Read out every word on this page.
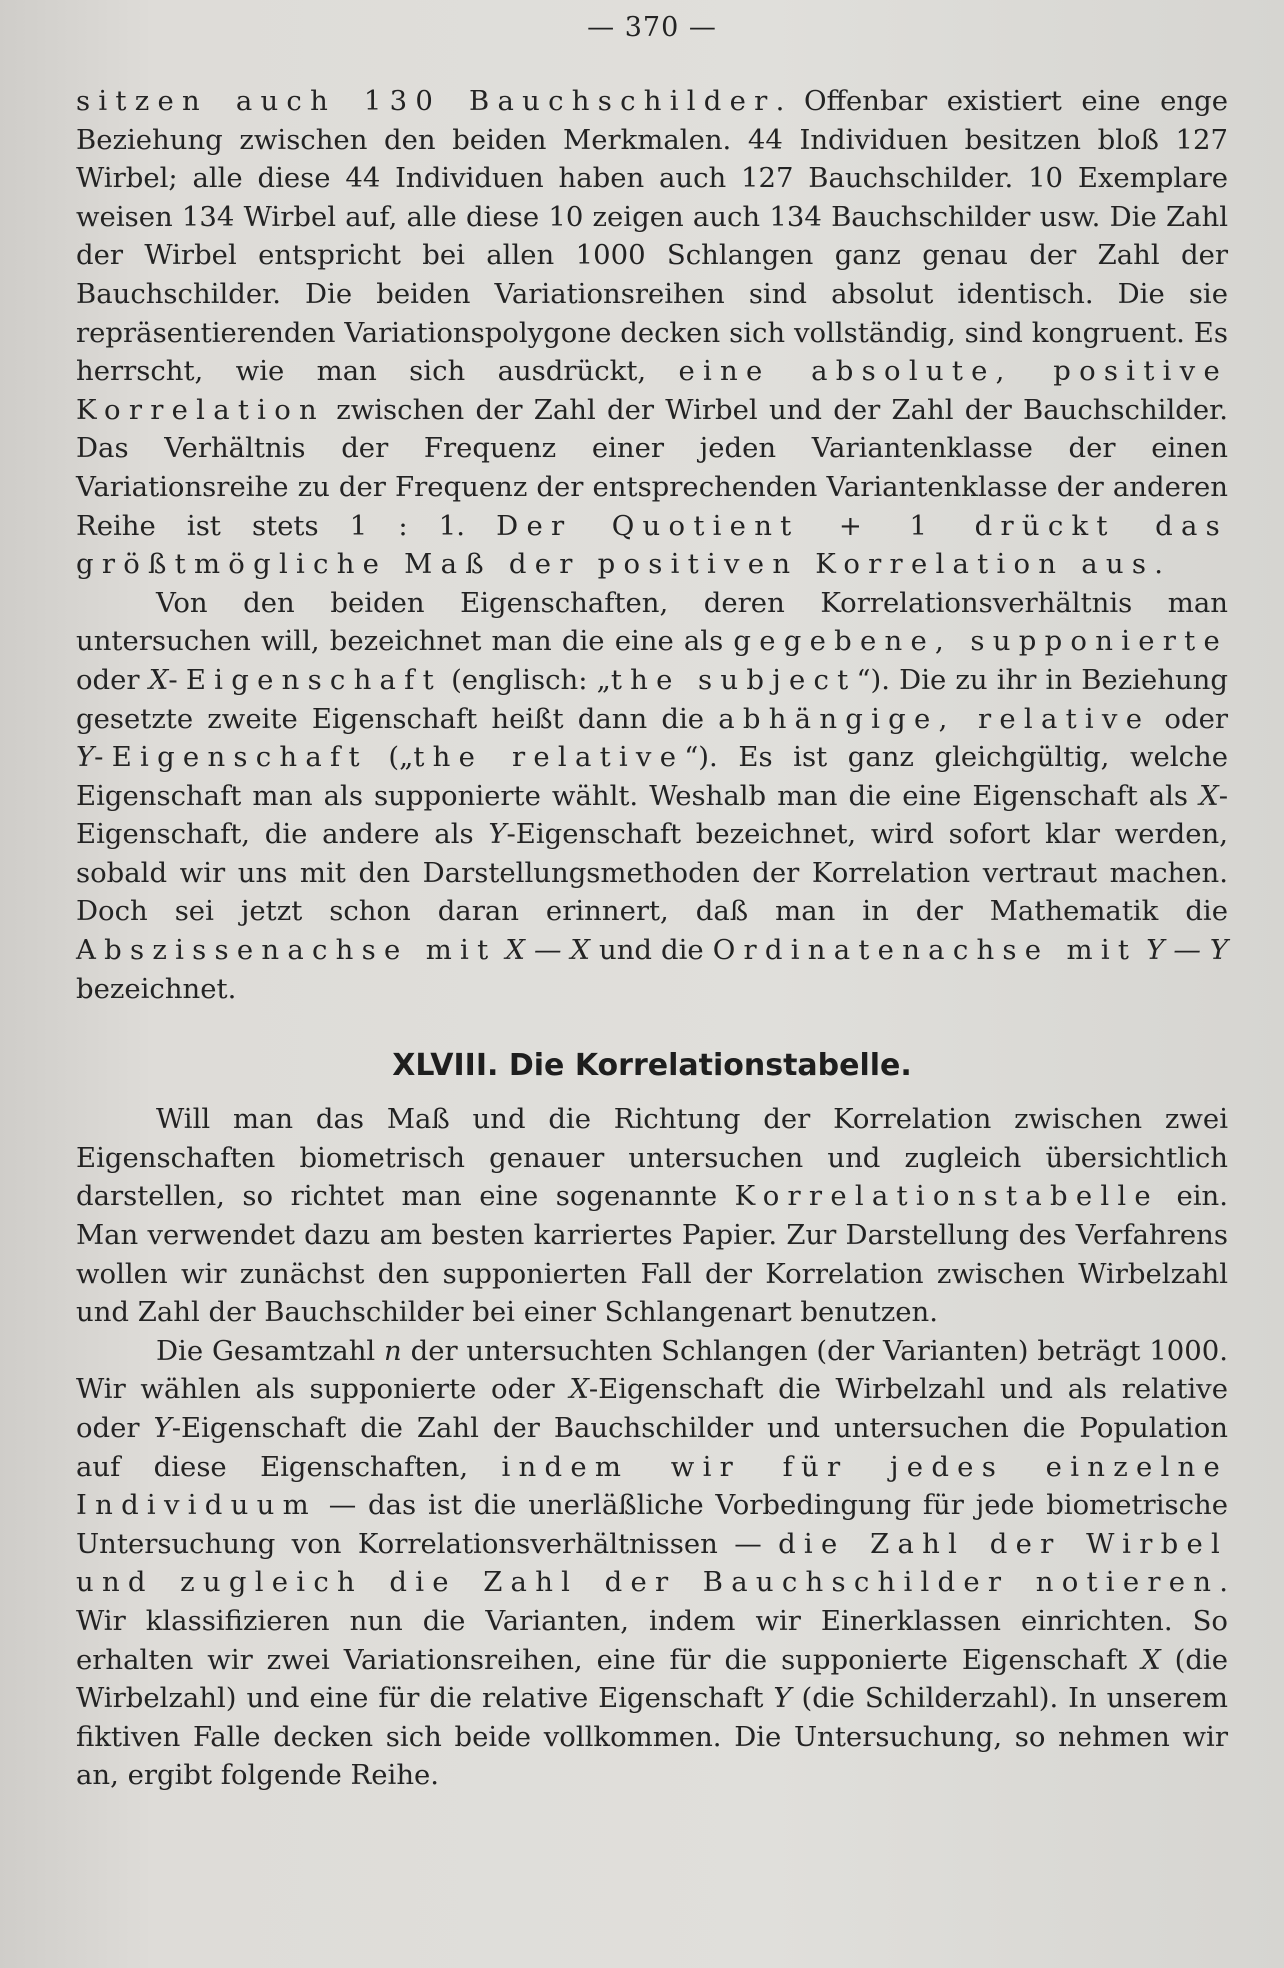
— 370 —

sitzen auch 130 Bauchschilder. Offenbar existiert eine enge Beziehung zwischen den beiden Merkmalen. 44 Individuen besitzen bloß 127 Wirbel; alle diese 44 Individuen haben auch 127 Bauchschilder. 10 Exemplare weisen 134 Wirbel auf, alle diese 10 zeigen auch 134 Bauchschilder usw. Die Zahl der Wirbel entspricht bei allen 1000 Schlangen ganz genau der Zahl der Bauchschilder. Die beiden Variationsreihen sind absolut identisch. Die sie repräsentierenden Variationspolygone decken sich vollständig, sind kongruent. Es herrscht, wie man sich ausdrückt, eine absolute, positive Korrelation zwischen der Zahl der Wirbel und der Zahl der Bauchschilder. Das Verhältnis der Frequenz einer jeden Variantenklasse der einen Variationsreihe zu der Frequenz der entsprechenden Variantenklasse der anderen Reihe ist stets 1 : 1. Der Quotient + 1 drückt das größtmögliche Maß der positiven Korrelation aus.

Von den beiden Eigenschaften, deren Korrelationsverhältnis man untersuchen will, bezeichnet man die eine als gegebene, supponierte oder X-Eigenschaft (englisch: „the subject“). Die zu ihr in Beziehung gesetzte zweite Eigenschaft heißt dann die abhängige, relative oder Y-Eigenschaft („the relative“). Es ist ganz gleichgültig, welche Eigenschaft man als supponierte wählt. Weshalb man die eine Eigenschaft als X-Eigenschaft, die andere als Y-Eigenschaft bezeichnet, wird sofort klar werden, sobald wir uns mit den Darstellungsmethoden der Korrelation vertraut machen. Doch sei jetzt schon daran erinnert, daß man in der Mathematik die Abszissenachse mit X — X und die Ordinatenachse mit Y — Y bezeichnet.

XLVIII. Die Korrelationstabelle.

Will man das Maß und die Richtung der Korrelation zwischen zwei Eigenschaften biometrisch genauer untersuchen und zugleich übersichtlich darstellen, so richtet man eine sogenannte Korrelationstabelle ein. Man verwendet dazu am besten karriertes Papier. Zur Darstellung des Verfahrens wollen wir zunächst den supponierten Fall der Korrelation zwischen Wirbelzahl und Zahl der Bauchschilder bei einer Schlangenart benutzen.

Die Gesamtzahl n der untersuchten Schlangen (der Varianten) beträgt 1000. Wir wählen als supponierte oder X-Eigenschaft die Wirbelzahl und als relative oder Y-Eigenschaft die Zahl der Bauchschilder und untersuchen die Population auf diese Eigenschaften, indem wir für jedes einzelne Individuum — das ist die unerläßliche Vorbedingung für jede biometrische Untersuchung von Korrelationsverhältnissen — die Zahl der Wirbel und zugleich die Zahl der Bauchschilder notieren. Wir klassifizieren nun die Varianten, indem wir Einerklassen einrichten. So erhalten wir zwei Variationsreihen, eine für die supponierte Eigenschaft X (die Wirbelzahl) und eine für die relative Eigenschaft Y (die Schilderzahl). In unserem fiktiven Falle decken sich beide vollkommen. Die Untersuchung, so nehmen wir an, ergibt folgende Reihe.
